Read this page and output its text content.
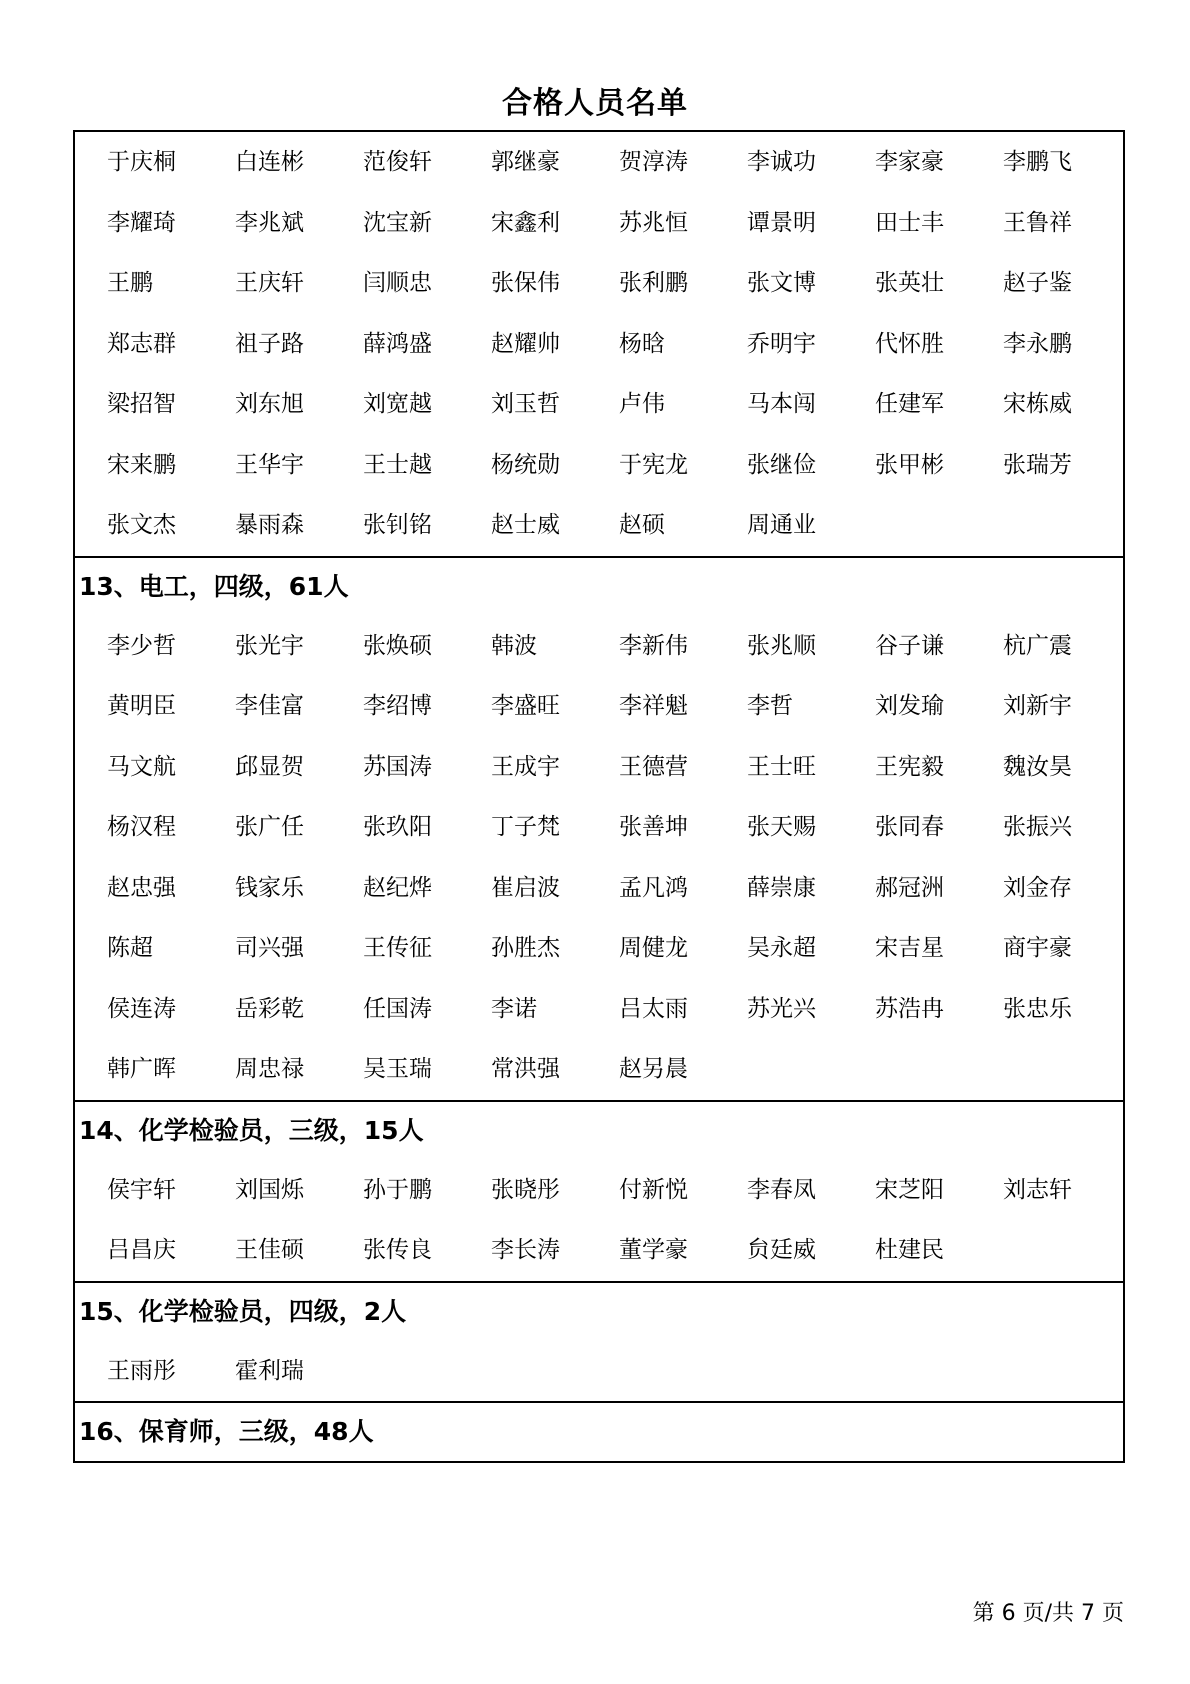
合格人员名单
于庆桐	白连彬	范俊轩	郭继豪	贺淳涛	李诚功	李家豪	李鹏飞
李耀琦	李兆斌	沈宝新	宋鑫利	苏兆恒	谭景明	田士丰	王鲁祥
王鹏	王庆轩	闫顺忠	张保伟	张利鹏	张文博	张英壮	赵子鉴
郑志群	祖子路	薛鸿盛	赵耀帅	杨晗	乔明宇	代怀胜	李永鹏
梁招智	刘东旭	刘宽越	刘玉哲	卢伟	马本闯	任建军	宋栋威
宋来鹏	王华宇	王士越	杨统勋	于宪龙	张继俭	张甲彬	张瑞芳
张文杰	暴雨森	张钊铭	赵士威	赵硕	周通业
13、电工，四级，61人
李少哲	张光宇	张焕硕	韩波	李新伟	张兆顺	谷子谦	杭广震
黄明臣	李佳富	李绍博	李盛旺	李祥魁	李哲	刘发瑜	刘新宇
马文航	邱显贺	苏国涛	王成宇	王德营	王士旺	王宪毅	魏汝昊
杨汉程	张广任	张玖阳	丁子梵	张善坤	张天赐	张同春	张振兴
赵忠强	钱家乐	赵纪烨	崔启波	孟凡鸿	薛崇康	郝冠洲	刘金存
陈超	司兴强	王传征	孙胜杰	周健龙	吴永超	宋吉星	商宇豪
侯连涛	岳彩乾	任国涛	李诺	吕太雨	苏光兴	苏浩冉	张忠乐
韩广晖	周忠禄	吴玉瑞	常洪强	赵另晨
14、化学检验员，三级，15人
侯宇轩	刘国烁	孙于鹏	张晓彤	付新悦	李春凤	宋芝阳	刘志轩
吕昌庆	王佳硕	张传良	李长涛	董学豪	贠廷威	杜建民
15、化学检验员，四级，2人
王雨彤	霍利瑞
16、保育师，三级，48人
第 6 页/共 7 页
